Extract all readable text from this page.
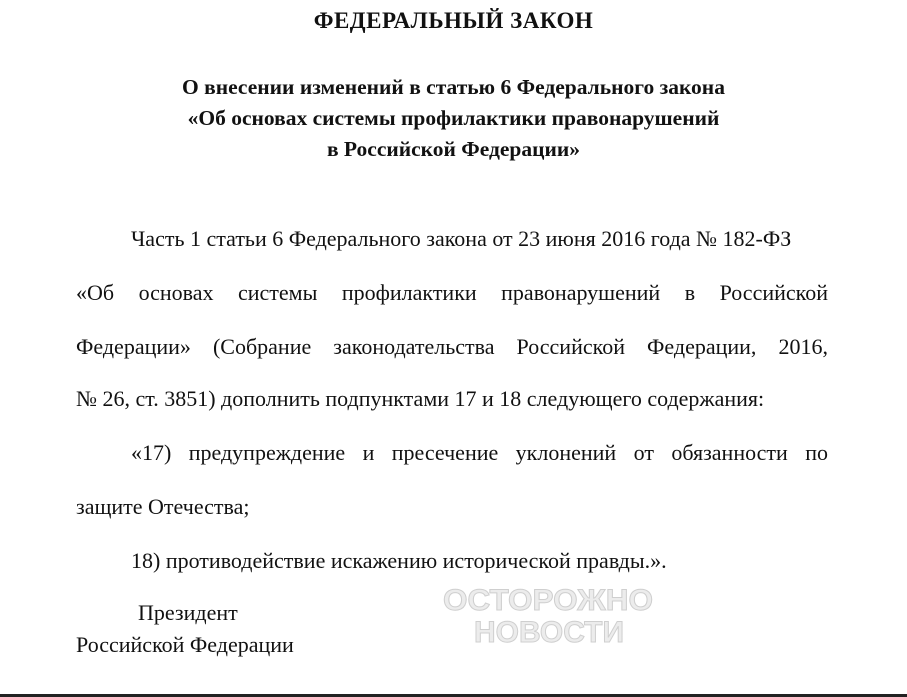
ФЕДЕРАЛЬНЫЙ ЗАКОН
О внесении изменений в статью 6 Федерального закона
«Об основах системы профилактики правонарушений
в Российской Федерации»
Часть 1 статьи 6 Федерального закона от 23 июня 2016 года № 182-ФЗ
«Об основах системы профилактики правонарушений в Российской
Федерации» (Собрание законодательства Российской Федерации, 2016,
№ 26, ст. 3851) дополнить подпунктами 17 и 18 следующего содержания:
«17) предупреждение и пресечение уклонений от обязанности по
защите Отечества;
18) противодействие искажению исторической правды.».
Президент
Российской Федерации
ОСТОРОЖНО
НОВОСТИ
